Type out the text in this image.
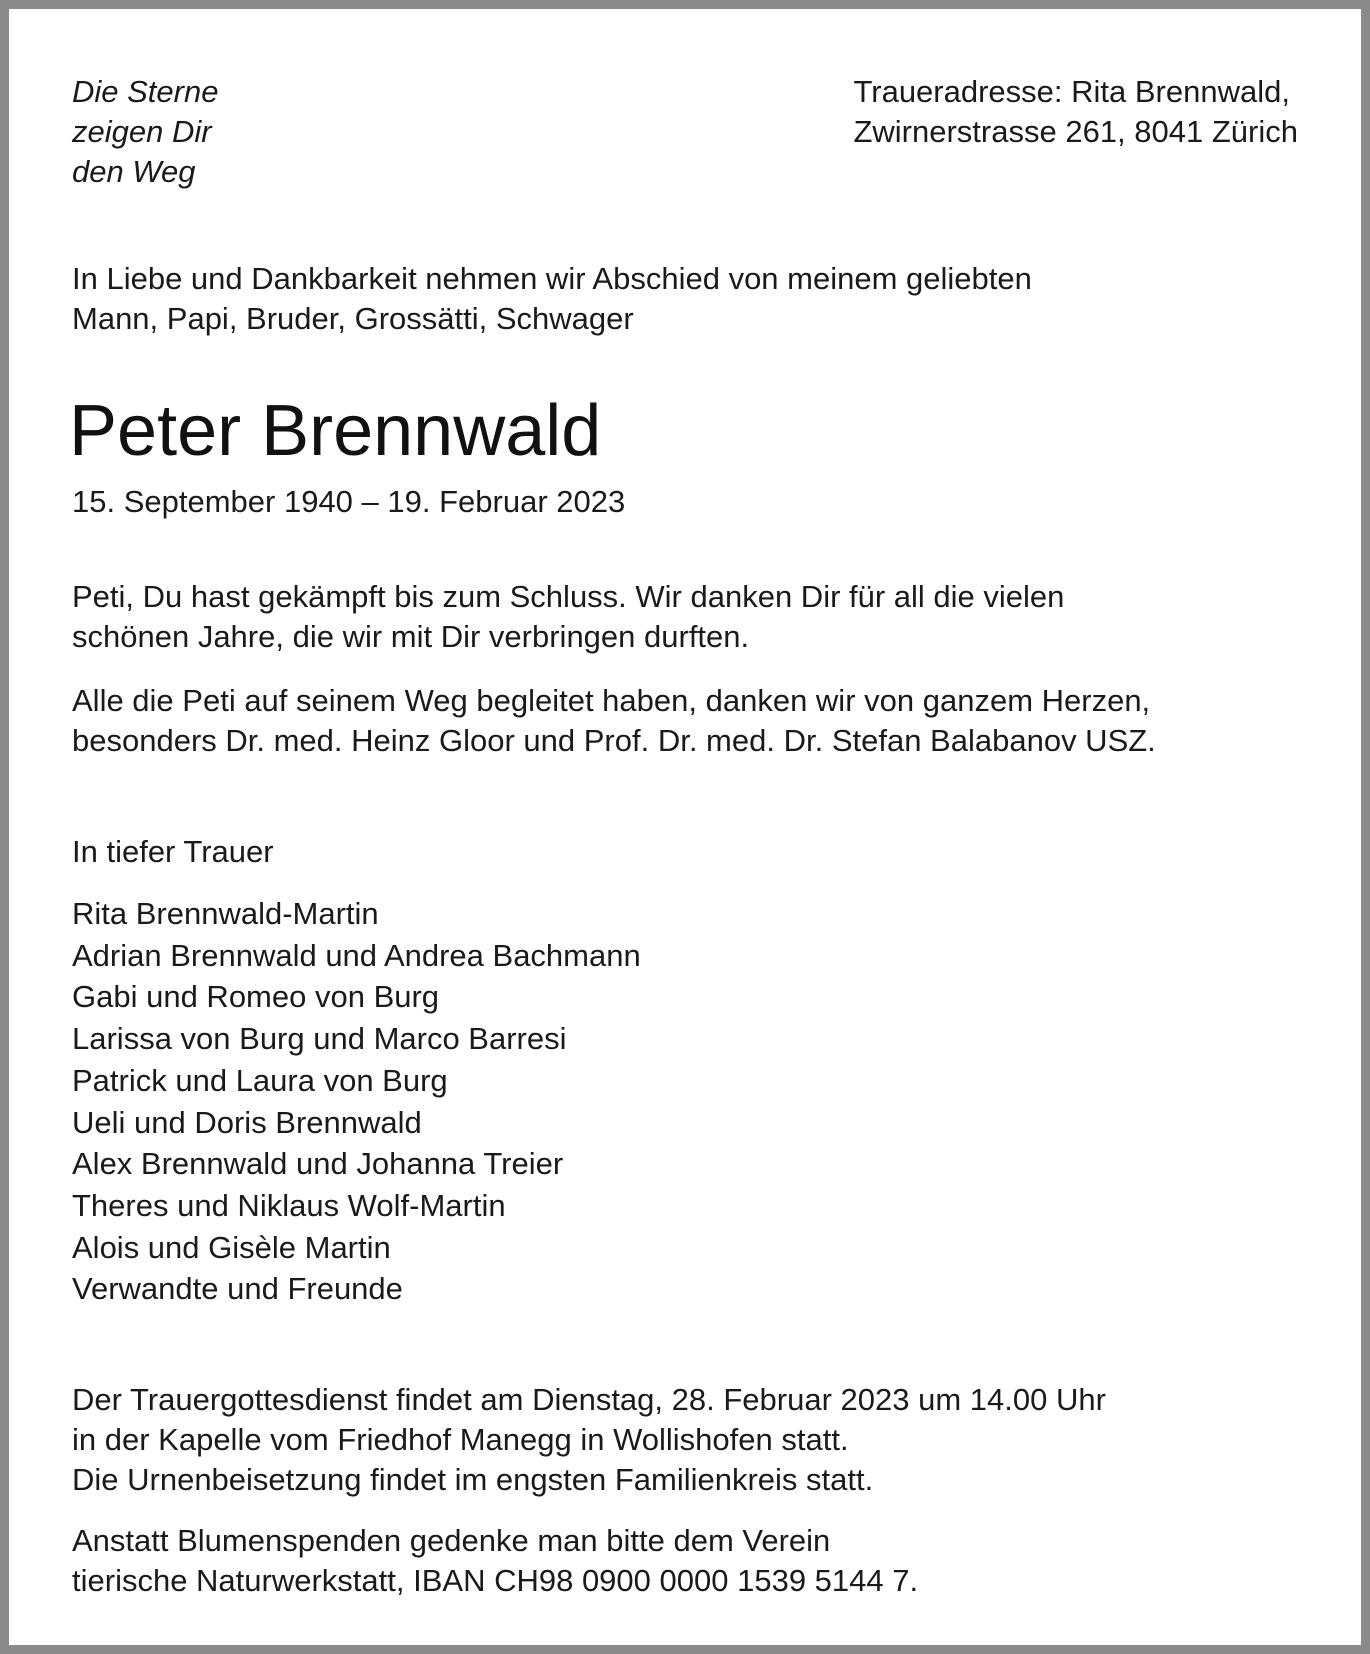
Die Sterne
zeigen Dir
den Weg
Traueradresse: Rita Brennwald,
Zwirnerstrasse 261, 8041 Zürich
In Liebe und Dankbarkeit nehmen wir Abschied von meinem geliebten
Mann, Papi, Bruder, Grossätti, Schwager
Peter Brennwald
15. September 1940 – 19. Februar 2023
Peti, Du hast gekämpft bis zum Schluss. Wir danken Dir für all die vielen
schönen Jahre, die wir mit Dir verbringen durften.
Alle die Peti auf seinem Weg begleitet haben, danken wir von ganzem Herzen,
besonders Dr. med. Heinz Gloor und Prof. Dr. med. Dr. Stefan Balabanov USZ.
In tiefer Trauer
Rita Brennwald-Martin
Adrian Brennwald und Andrea Bachmann
Gabi und Romeo von Burg
Larissa von Burg und Marco Barresi
Patrick und Laura von Burg
Ueli und Doris Brennwald
Alex Brennwald und Johanna Treier
Theres und Niklaus Wolf-Martin
Alois und Gisèle Martin
Verwandte und Freunde
Der Trauergottesdienst findet am Dienstag, 28. Februar 2023 um 14.00 Uhr
in der Kapelle vom Friedhof Manegg in Wollishofen statt.
Die Urnenbeisetzung findet im engsten Familienkreis statt.
Anstatt Blumenspenden gedenke man bitte dem Verein
tierische Naturwerkstatt, IBAN CH98 0900 0000 1539 5144 7.
